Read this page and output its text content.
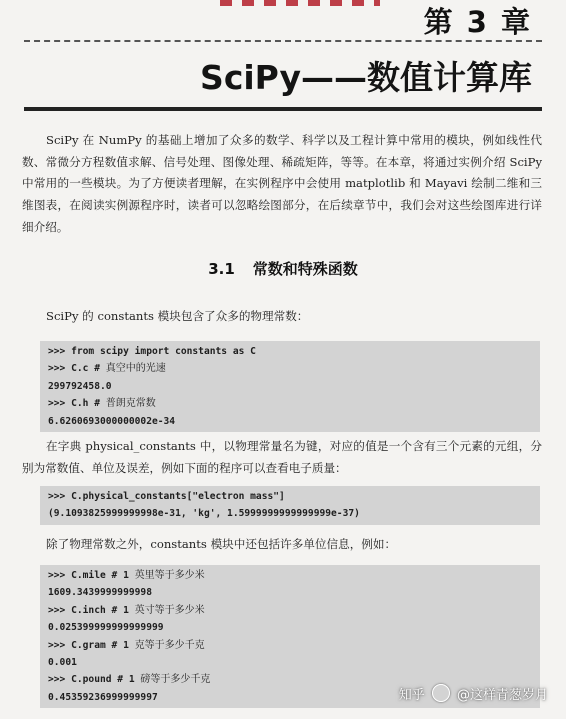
第 3 章
SciPy——数值计算库
SciPy 在 NumPy 的基础上增加了众多的数学、科学以及工程计算中常用的模块，例如线性代数、常微分方程数值求解、信号处理、图像处理、稀疏矩阵，等等。在本章，将通过实例介绍 SciPy 中常用的一些模块。为了方便读者理解，在实例程序中会使用 matplotlib 和 Mayavi 绘制二维和三维图表，在阅读实例源程序时，读者可以忽略绘图部分，在后续章节中，我们会对这些绘图库进行详细介绍。
3.1 常数和特殊函数
SciPy 的 constants 模块包含了众多的物理常数：
>>> from scipy import constants as C
>>> C.c # 真空中的光速
299792458.0
>>> C.h # 普朗克常数
6.6260693000000002e-34
在字典 physical_constants 中，以物理常量名为键，对应的值是一个含有三个元素的元组，分别为常数值、单位及误差，例如下面的程序可以查看电子质量：
>>> C.physical_constants["electron mass"]
(9.1093825999999998e-31, 'kg', 1.5999999999999999e-37)
除了物理常数之外，constants 模块中还包括许多单位信息，例如：
>>> C.mile # 1 英里等于多少米
1609.3439999999998
>>> C.inch # 1 英寸等于多少米
0.025399999999999999
>>> C.gram # 1 克等于多少千克
0.001
>>> C.pound # 1 磅等于多少千克
0.45359236999999997	知乎 @这样青葱岁月
